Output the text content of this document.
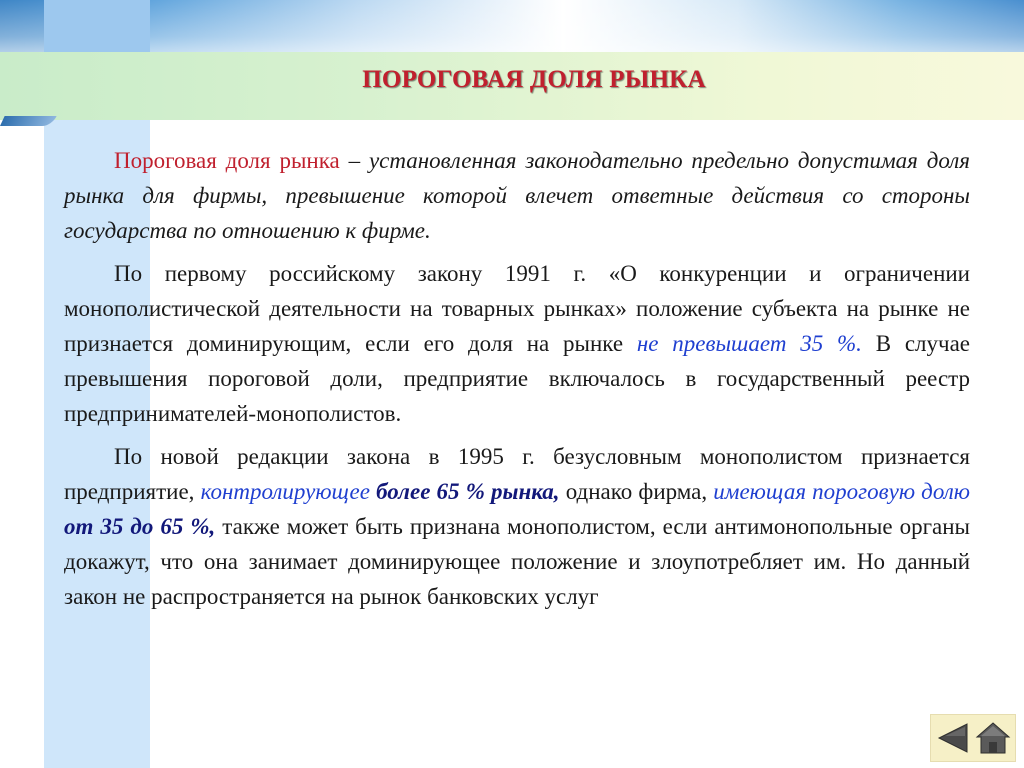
ПОРОГОВАЯ ДОЛЯ РЫНКА

Пороговая доля рынка – установленная законодательно предельно допустимая доля рынка для фирмы, превышение которой влечет ответные действия со стороны государства по отношению к фирме.

По первому российскому закону 1991 г. «О конкуренции и ограничении монополистической деятельности на товарных рынках» положение субъекта на рынке не признается доминирующим, если его доля на рынке не превышает 35 %. В случае превышения пороговой доли, предприятие включалось в государственный реестр предпринимателей-монополистов.

По новой редакции закона в 1995 г. безусловным монополистом признается предприятие, контролирующее более 65 % рынка, однако фирма, имеющая пороговую долю от 35 до 65 %, также может быть признана монополистом, если антимонопольные органы докажут, что она занимает доминирующее положение и злоупотребляет им. Но данный закон не распространяется на рынок банковских услуг
